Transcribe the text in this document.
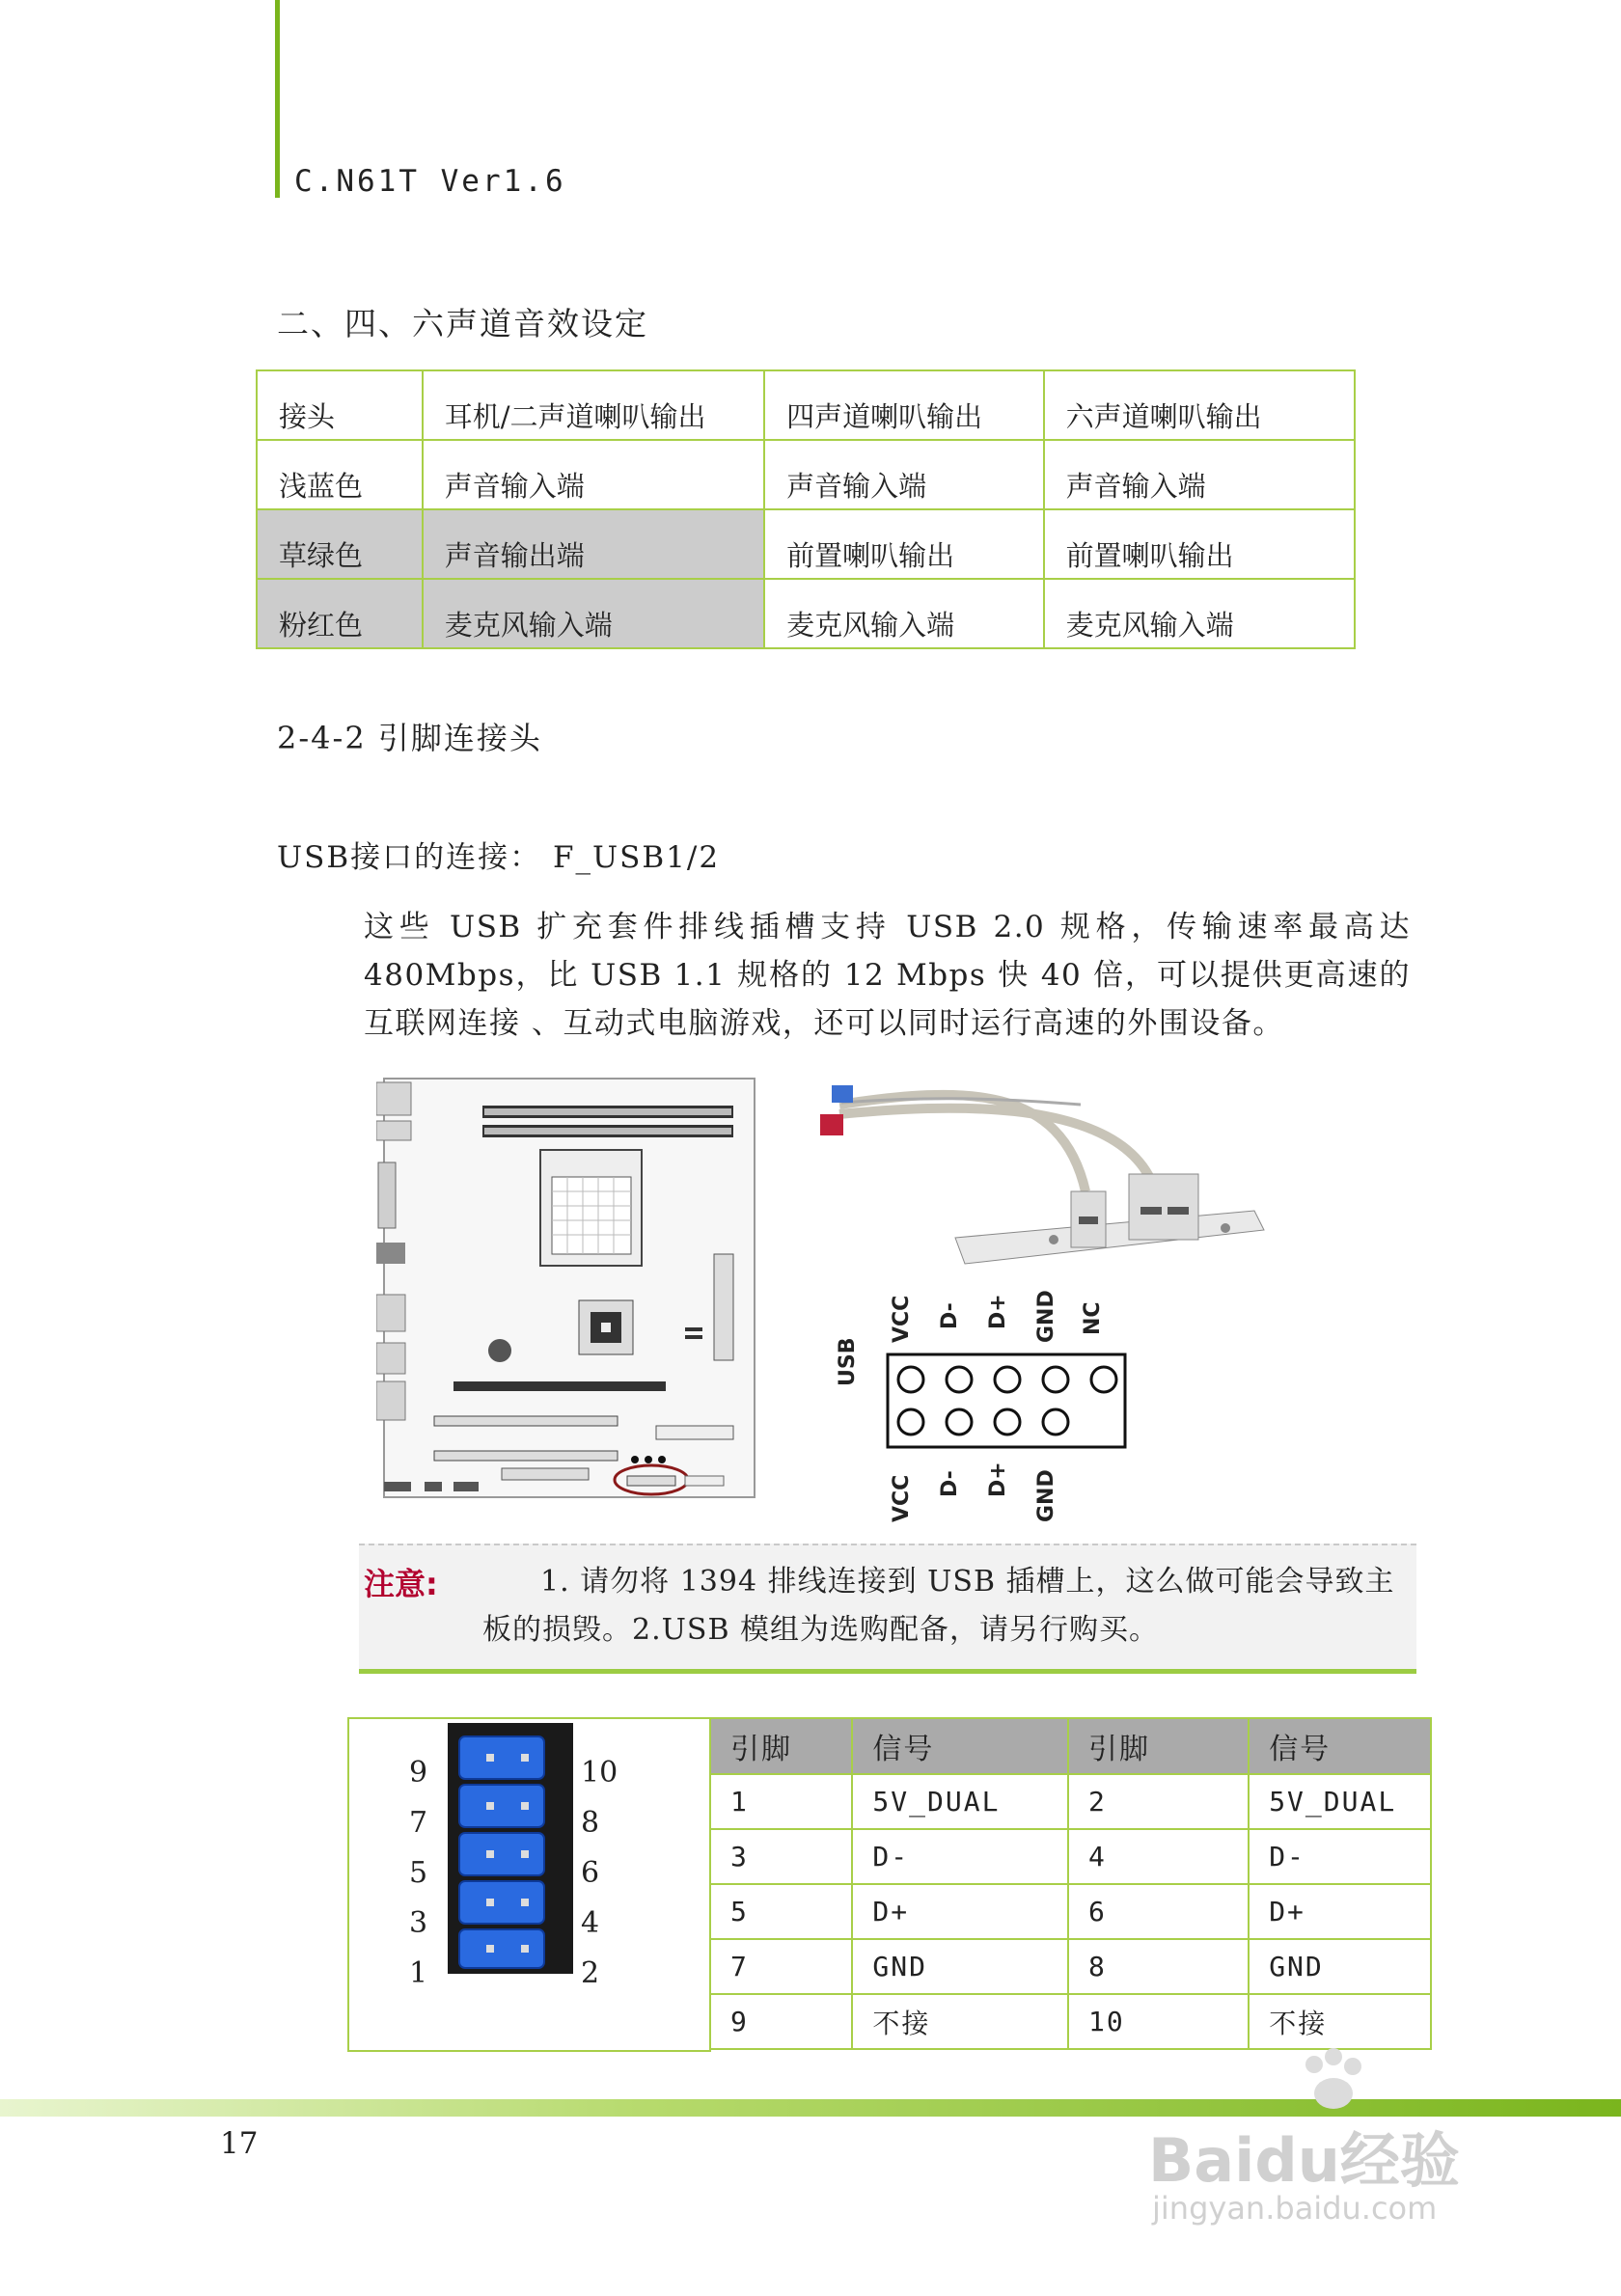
C.N61T Ver1.6
二、四、六声道音效设定
接头	耳机/二声道喇叭输出	四声道喇叭输出	六声道喇叭输出
浅蓝色	声音输入端	声音输入端	声音输入端
草绿色	声音输出端	前置喇叭输出	前置喇叭输出
粉红色	麦克风输入端	麦克风输入端	麦克风输入端
2-4-2 引脚连接头
USB接口的连接： F_USB1/2
这些 USB 扩充套件排线插槽支持 USB 2.0 规格，传输速率最高达 480Mbps，比 USB 1.1 规格的 12 Mbps 快 40 倍，可以提供更高速的互联网连接 、互动式电脑游戏，还可以同时运行高速的外围设备。
USB
VCC D- D+ GND NC
VCC D- D+ GND
注意:	1. 请勿将 1394 排线连接到 USB 插槽上，这么做可能会导致主板的损毁。2.USB 模组为选购配备，请另行购买。
9
7
5
3
1
10
8
6
4
2
引脚	信号	引脚	信号
1	5V_DUAL	2	5V_DUAL
3	D-	4	D-
5	D+	6	D+
7	GND	8	GND
9	不接	10	不接
17	Baidu经验
jingyan.baidu.com
